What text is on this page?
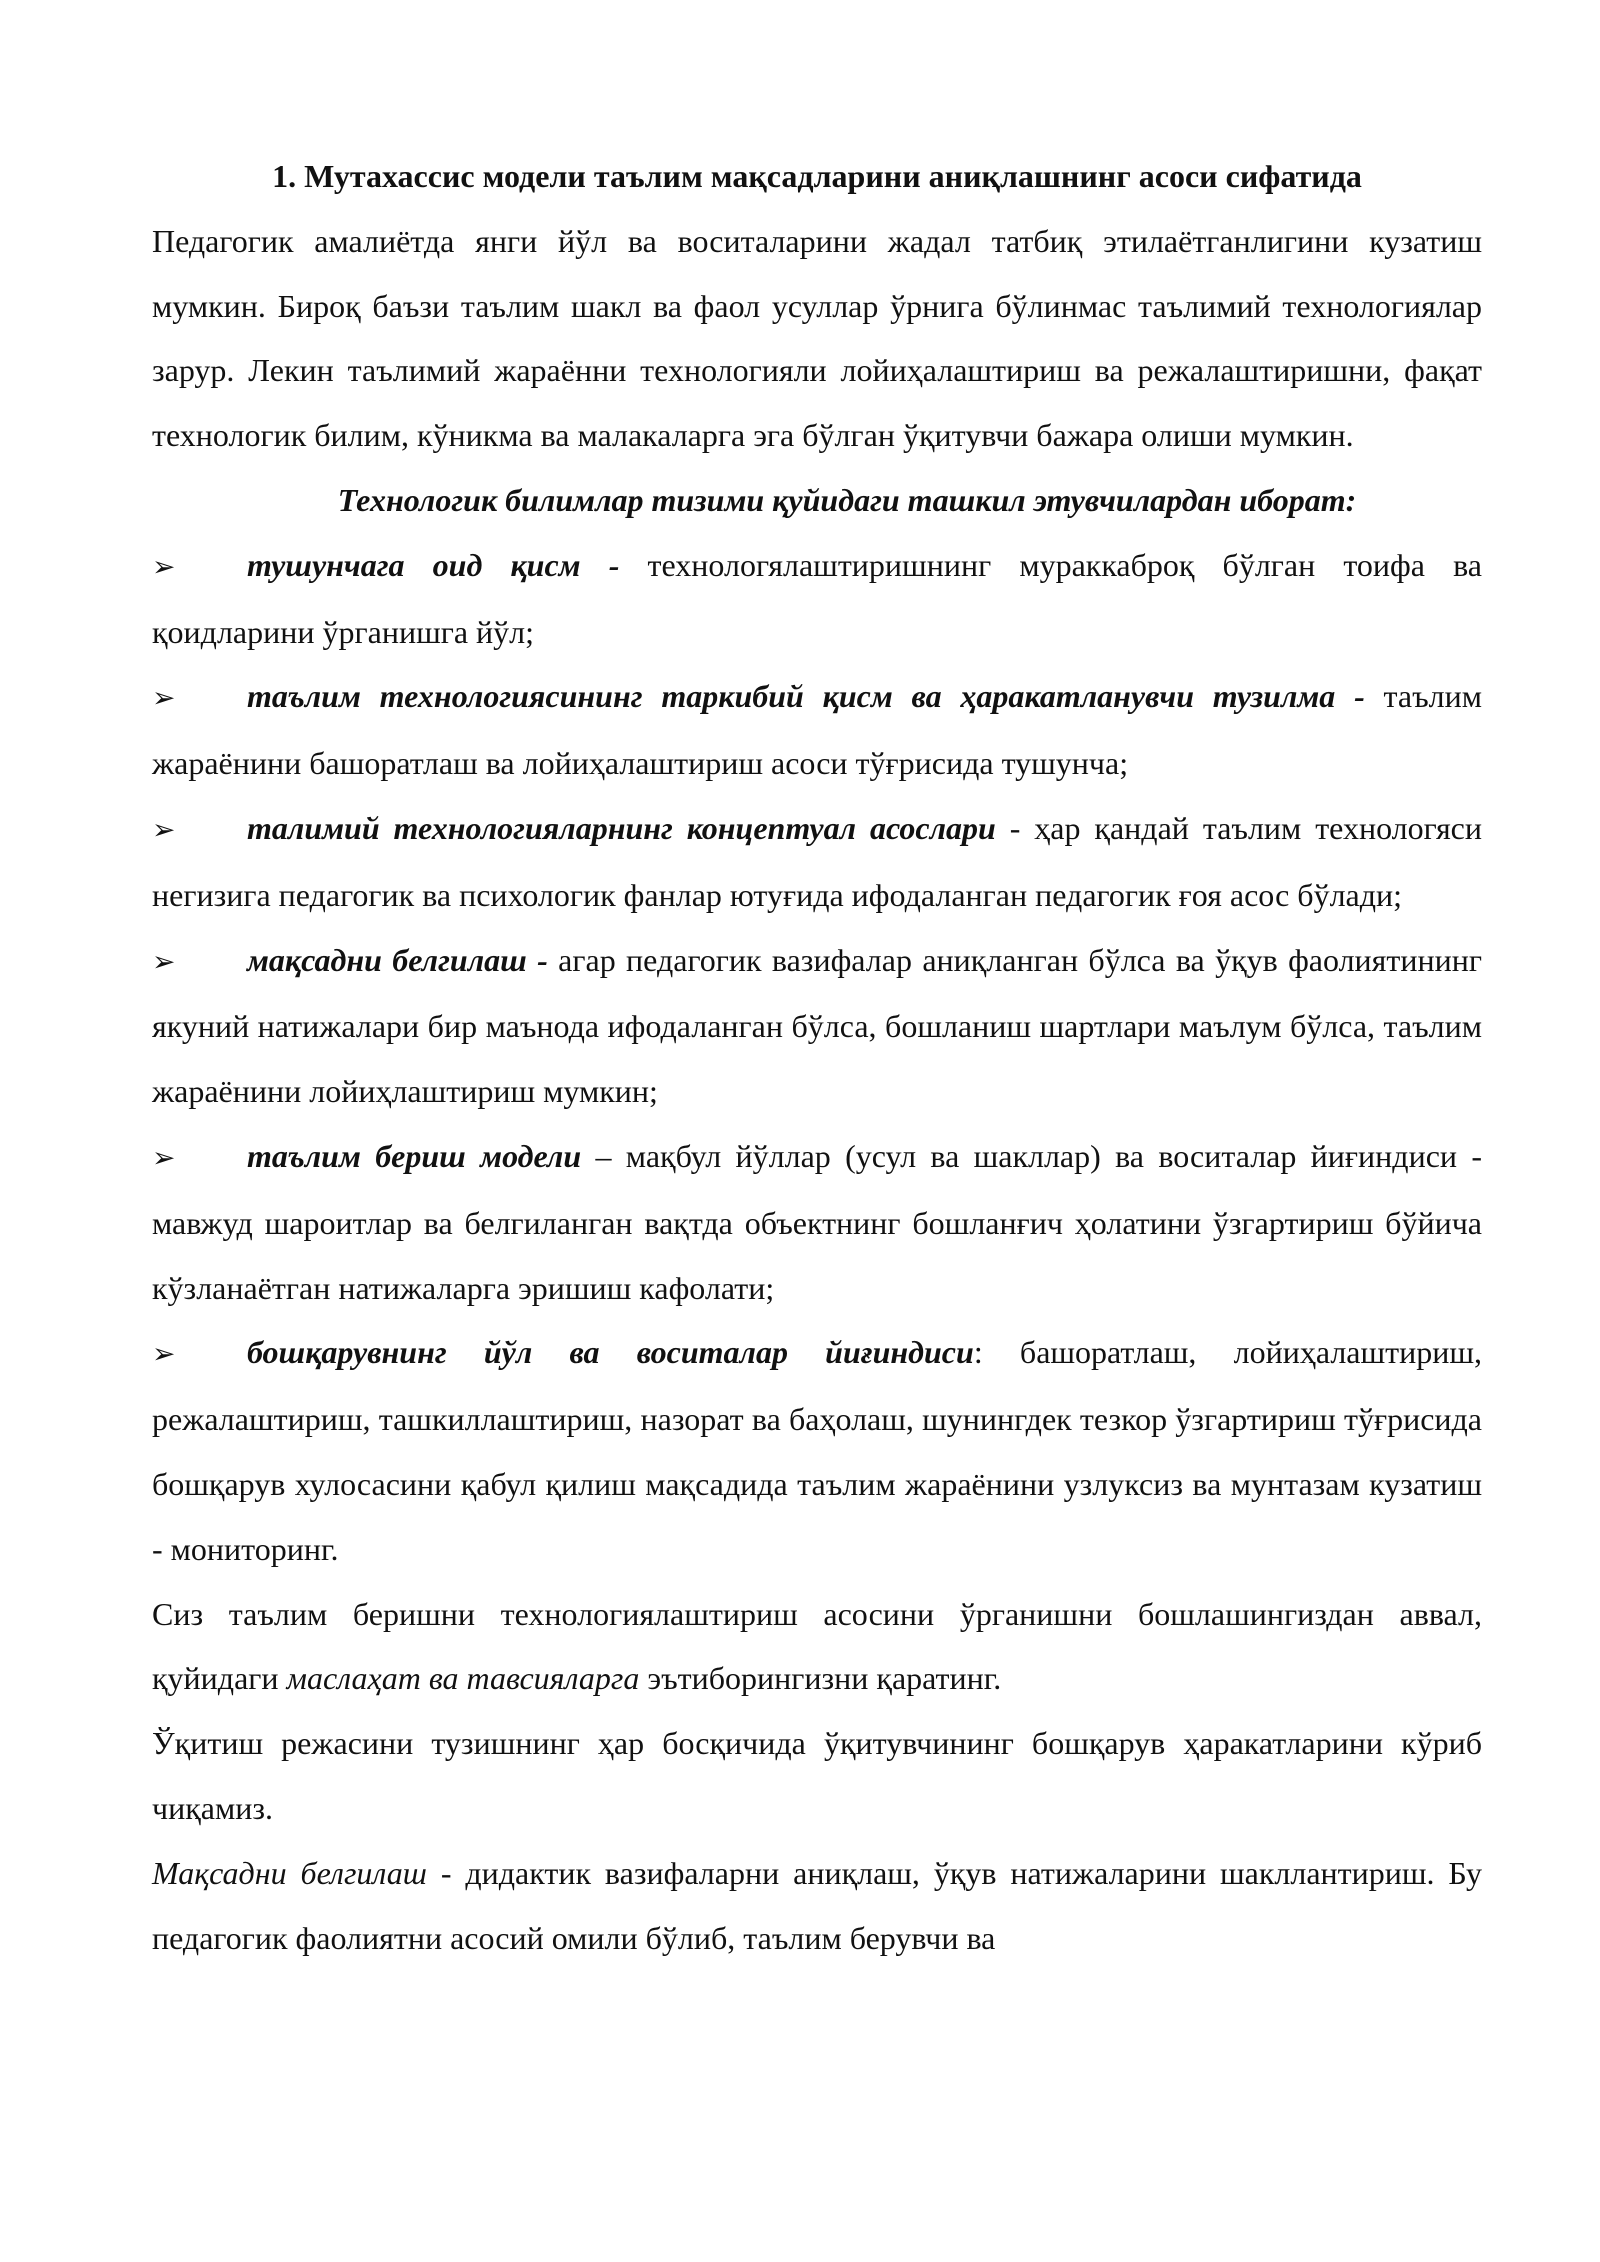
1. Мутахассис модели таълим мақсадларини аниқлашнинг асоси сифатида

Педагогик амалиётда янги йўл ва воситаларини жадал татбиқ этилаётганлигини кузатиш мумкин. Бироқ баъзи таълим шакл ва фаол усуллар ўрнига бўлинмас таълимий технологиялар зарур. Лекин таълимий жараённи технологияли лойиҳалаштириш ва режалаштиришни, фақат технологик билим, кўникма ва малакаларга эга бўлган ўқитувчи бажара олиши мумкин.

Технологик билимлар тизими қуйидаги ташкил этувчилардан иборат:

➢ тушунчага оид қисм - технологялаштиришнинг мураккаброқ бўлган тоифа ва қоидларини ўрганишга йўл;

➢ таълим технологиясининг таркибий қисм ва ҳаракатланувчи тузилма - таълим жараёнини башоратлаш ва лойиҳалаштириш асоси тўғрисида тушунча;

➢ талимий технологияларнинг концептуал асослари - ҳар қандай таълим технологяси негизига педагогик ва психологик фанлар ютуғида ифодаланган педагогик ғоя асос бўлади;

➢ мақсадни белгилаш - агар педагогик вазифалар аниқланган бўлса ва ўқув фаолиятининг якуний натижалари бир маънода ифодаланган бўлса, бошланиш шартлари маълум бўлса, таълим жараёнини лойиҳлаштириш мумкин;

➢ таълим бериш модели – мақбул йўллар (усул ва шакллар) ва воситалар йиғиндиси - мавжуд шароитлар ва белгиланган вақтда объектнинг бошланғич ҳолатини ўзгартириш бўйича кўзланаётган натижаларга эришиш кафолати;

➢ бошқарувнинг йўл ва воситалар йиғиндиси: башоратлаш, лойиҳалаштириш, режалаштириш, ташкиллаштириш, назорат ва баҳолаш, шунингдек тезкор ўзгартириш тўғрисида бошқарув хулосасини қабул қилиш мақсадида таълим жараёнини узлуксиз ва мунтазам кузатиш - мониторинг.

Сиз таълим беришни технологиялаштириш асосини ўрганишни бошлашингиздан аввал, қуйидаги маслаҳат ва тавсияларга эътиборингизни қаратинг.

Ўқитиш режасини тузишнинг ҳар босқичида ўқитувчининг бошқарув ҳаракатларини кўриб чиқамиз.

Мақсадни белгилаш - дидактик вазифаларни аниқлаш, ўқув натижаларини шакллантириш. Бу педагогик фаолиятни асосий омили бўлиб, таълим берувчи ва
